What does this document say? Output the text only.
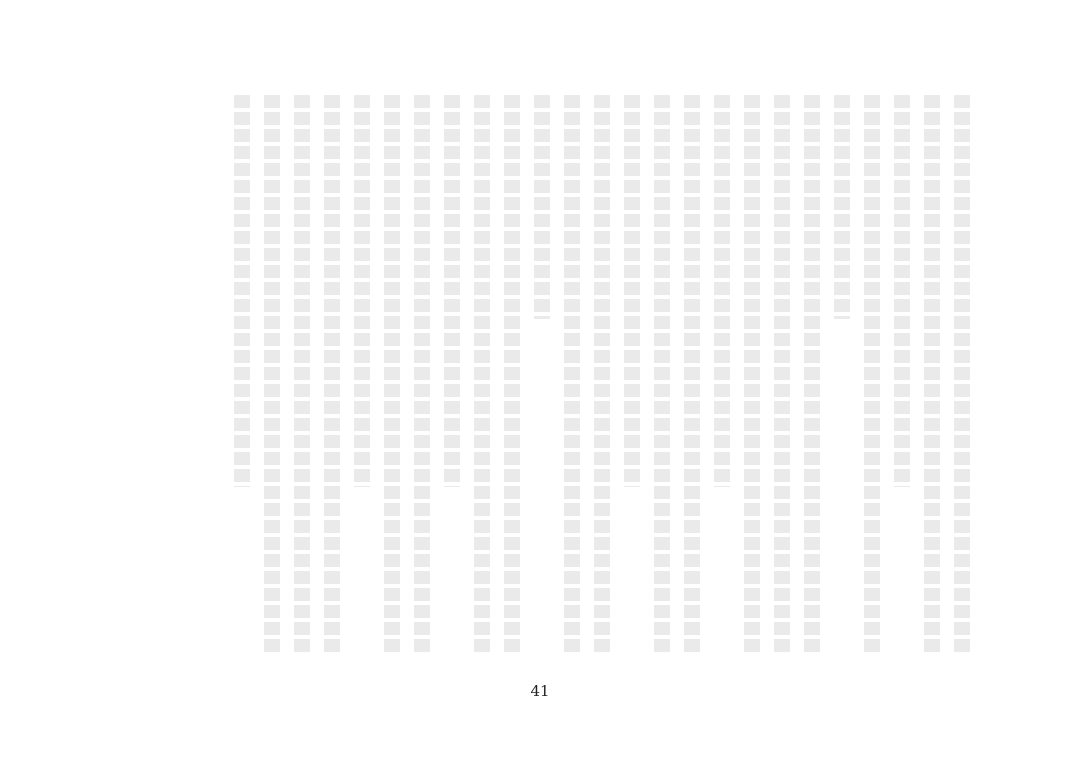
41
